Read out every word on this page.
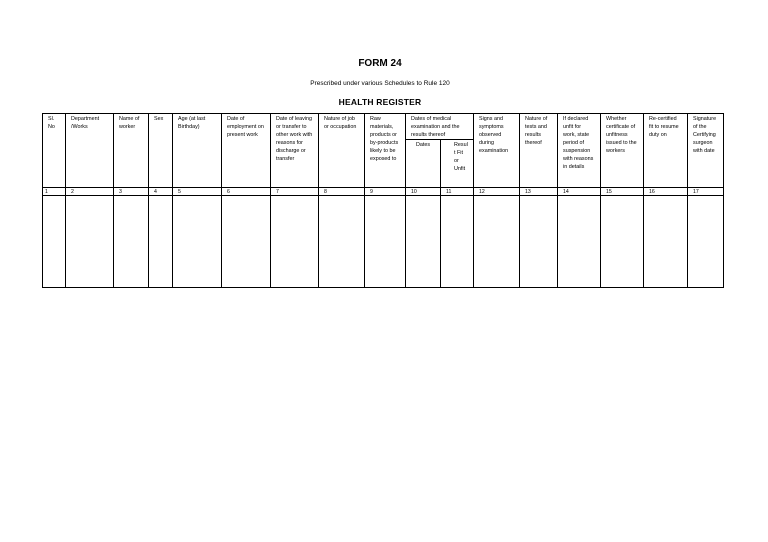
FORM 24
Prescribed under various Schedules to Rule 120
HEALTH REGISTER
Sl. No	Department /Works	Name of worker	Sex	Age (at last Birthday)	Date of employment on present work	Date of leaving or transfer to other work with reasons for discharge or transfer	Nature of job or occupation	Raw materials, products or by-products likely to be exposed to	Dates of medical examination and the results thereof		Signs and symptoms observed during examination	Nature of tests and results thereof	If declared unfit for work, state period of suspension with reasons in details	Whether certificate of unfitness issued to the workers	Re-certified fit to resume duty on	Signature of the Certifying surgeon with date
									Dates	Result Fit or Unfit						
1	2	3	4	5	6	7	8	9	10	11	12	13	14	15	16	17
